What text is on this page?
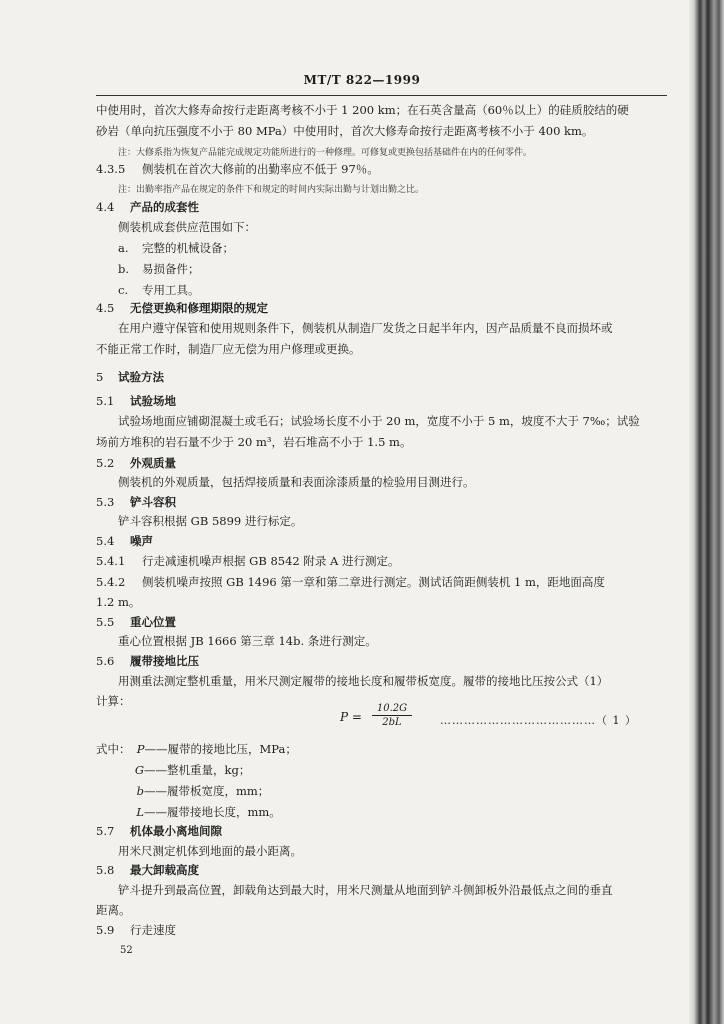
MT/T 822—1999
中使用时，首次大修寿命按行走距离考核不小于 1 200 km；在石英含量高（60％以上）的硅质胶结的硬
砂岩（单向抗压强度不小于 80 MPa）中使用时，首次大修寿命按行走距离考核不小于 400 km。
注：大修系指为恢复产品能完成规定功能所进行的一种修理。可修复或更换包括基础件在内的任何零件。
4.3.5 侧装机在首次大修前的出勤率应不低于 97％。
注：出勤率指产品在规定的条件下和规定的时间内实际出勤与计划出勤之比。
4.4 产品的成套性
侧装机成套供应范围如下：
a. 完整的机械设备；
b. 易损备件；
c. 专用工具。
4.5 无偿更换和修理期限的规定
在用户遵守保管和使用规则条件下，侧装机从制造厂发货之日起半年内，因产品质量不良而损坏或
不能正常工作时，制造厂应无偿为用户修理或更换。
5 试验方法
5.1 试验场地
试验场地面应铺砌混凝土或毛石；试验场长度不小于 20 m，宽度不小于 5 m，坡度不大于 7‰；试验
场前方堆积的岩石量不少于 20 m³，岩石堆高不小于 1.5 m。
5.2 外观质量
侧装机的外观质量，包括焊接质量和表面涂漆质量的检验用目测进行。
5.3 铲斗容积
铲斗容积根据 GB 5899 进行标定。
5.4 噪声
5.4.1 行走减速机噪声根据 GB 8542 附录 A 进行测定。
5.4.2 侧装机噪声按照 GB 1496 第一章和第二章进行测定。测试话筒距侧装机 1 m，距地面高度
1.2 m。
5.5 重心位置
重心位置根据 JB 1666 第三章 14b. 条进行测定。
5.6 履带接地比压
用测重法测定整机重量，用米尺测定履带的接地长度和履带板宽度。履带的接地比压按公式（1）
计算：
$P = \frac{10.2G}{2bL}$	…………………………………（ 1 ）
式中： P——履带的接地比压，MPa；
G——整机重量，kg；
b——履带板宽度，mm；
L——履带接地长度，mm。
5.7 机体最小离地间隙
用米尺测定机体到地面的最小距离。
5.8 最大卸载高度
铲斗提升到最高位置，卸载角达到最大时，用米尺测量从地面到铲斗侧卸板外沿最低点之间的垂直
距离。
5.9 行走速度
52
